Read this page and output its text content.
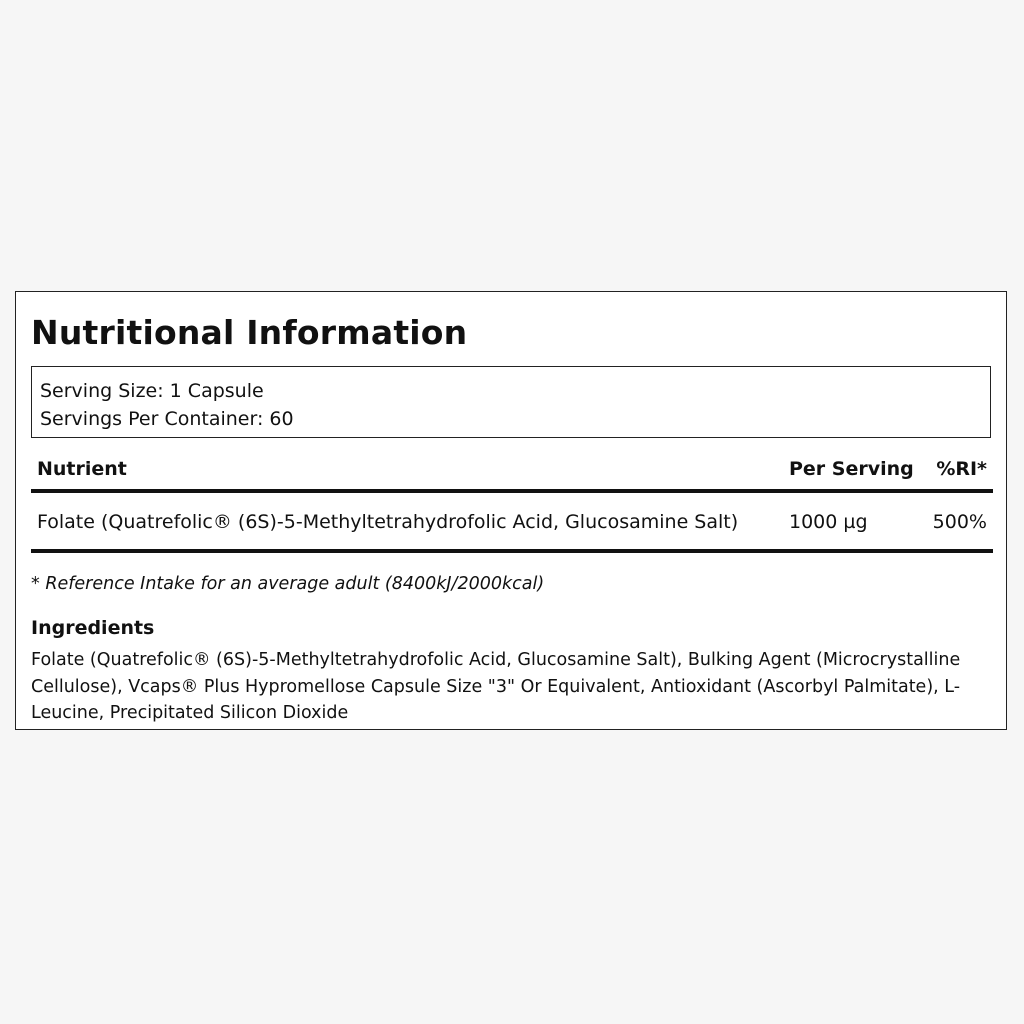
Nutritional Information
Serving Size: 1 Capsule
Servings Per Container: 60
Nutrient	Per Serving	%RI*
Folate (Quatrefolic® (6S)-5-Methyltetrahydrofolic Acid, Glucosamine Salt)	1000 µg	500%
* Reference Intake for an average adult (8400kJ/2000kcal)
Ingredients
Folate (Quatrefolic® (6S)-5-Methyltetrahydrofolic Acid, Glucosamine Salt), Bulking Agent (Microcrystalline Cellulose), Vcaps® Plus Hypromellose Capsule Size "3" Or Equivalent, Antioxidant (Ascorbyl Palmitate), L-Leucine, Precipitated Silicon Dioxide
